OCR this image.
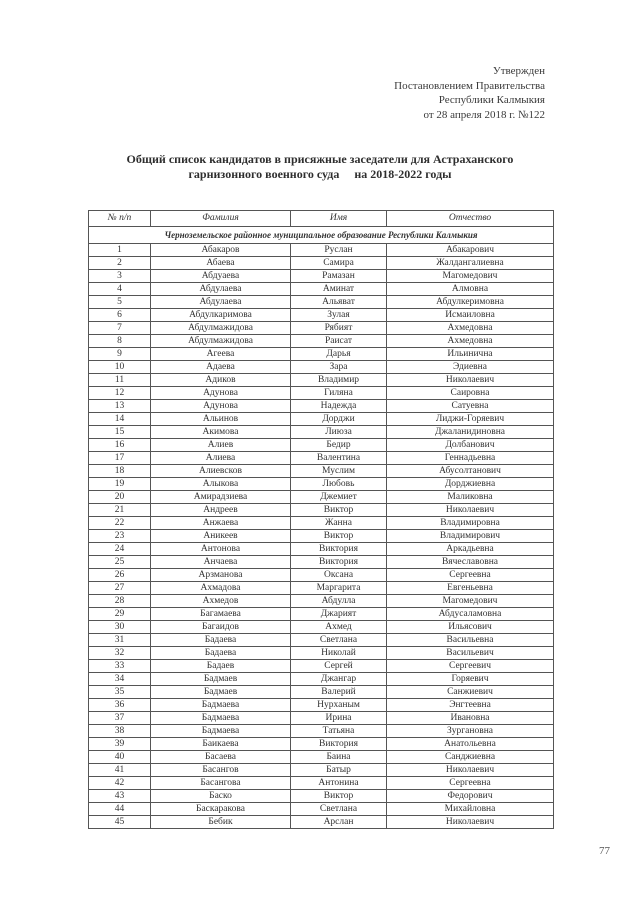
Утвержден
Постановлением Правительства
Республики Калмыкия
от 28 апреля 2018 г. №122
Общий список кандидатов в присяжные заседатели для Астраханского
гарнизонного военного суда     на 2018-2022 годы
№ п/п	Фамилия	Имя	Отчество
Черноземельское районное муниципальное образование Республики Калмыкия			
1	Абакаров	Руслан	Абакарович
2	Абаева	Самира	Жалдангалиевна
3	Абдуаева	Рамазан	Магомедович
4	Абдулаева	Аминат	Алмовна
5	Абдулаева	Альяват	Абдулкеримовна
6	Абдулкаримова	Зулая	Исмаиловна
7	Абдулмажидова	Рябият	Ахмедовна
8	Абдулмажидова	Раисат	Ахмедовна
9	Агеева	Дарья	Ильинична
10	Адаева	Зара	Эдиевна
11	Адиков	Владимир	Николаевич
12	Адунова	Гиляна	Саировна
13	Адунова	Надежда	Сатуевна
14	Альинов	Дорджи	Лиджи-Горяевич
15	Акимова	Лиюза	Джаланидиновна
16	Алиев	Бедир	Долбанович
17	Алиева	Валентина	Геннадьевна
18	Алиевсков	Муслим	Абусолтанович
19	Алыкова	Любовь	Дорджиевна
20	Амирадзиева	Джемиет	Маликовна
21	Андреев	Виктор	Николаевич
22	Анжаева	Жанна	Владимировна
23	Аникеев	Виктор	Владимирович
24	Антонова	Виктория	Аркадьевна
25	Анчаева	Виктория	Вячеславовна
26	Арзманова	Оксана	Сергеевна
27	Ахмадова	Маргарита	Евгеньевна
28	Ахмедов	Абдулла	Магомедович
29	Багамаева	Джарият	Абдусаламовна
30	Багаидов	Ахмед	Ильясович
31	Бадаева	Светлана	Васильевна
32	Бадаева	Николай	Васильевич
33	Бадаев	Сергей	Сергеевич
34	Бадмаев	Джангар	Горяевич
35	Бадмаев	Валерий	Санжиевич
36	Бадмаева	Нурханым	Энгтеевна
37	Бадмаева	Ирина	Ивановна
38	Бадмаева	Татьяна	Зургановна
39	Баикаева	Виктория	Анатольевна
40	Басаева	Баина	Санджиевна
41	Басангов	Батыр	Николаевич
42	Басангова	Антонина	Сергеевна
43	Баско	Виктор	Федорович
44	Баскаракова	Светлана	Михайловна
45	Бебик	Арслан	Николаевич
77
